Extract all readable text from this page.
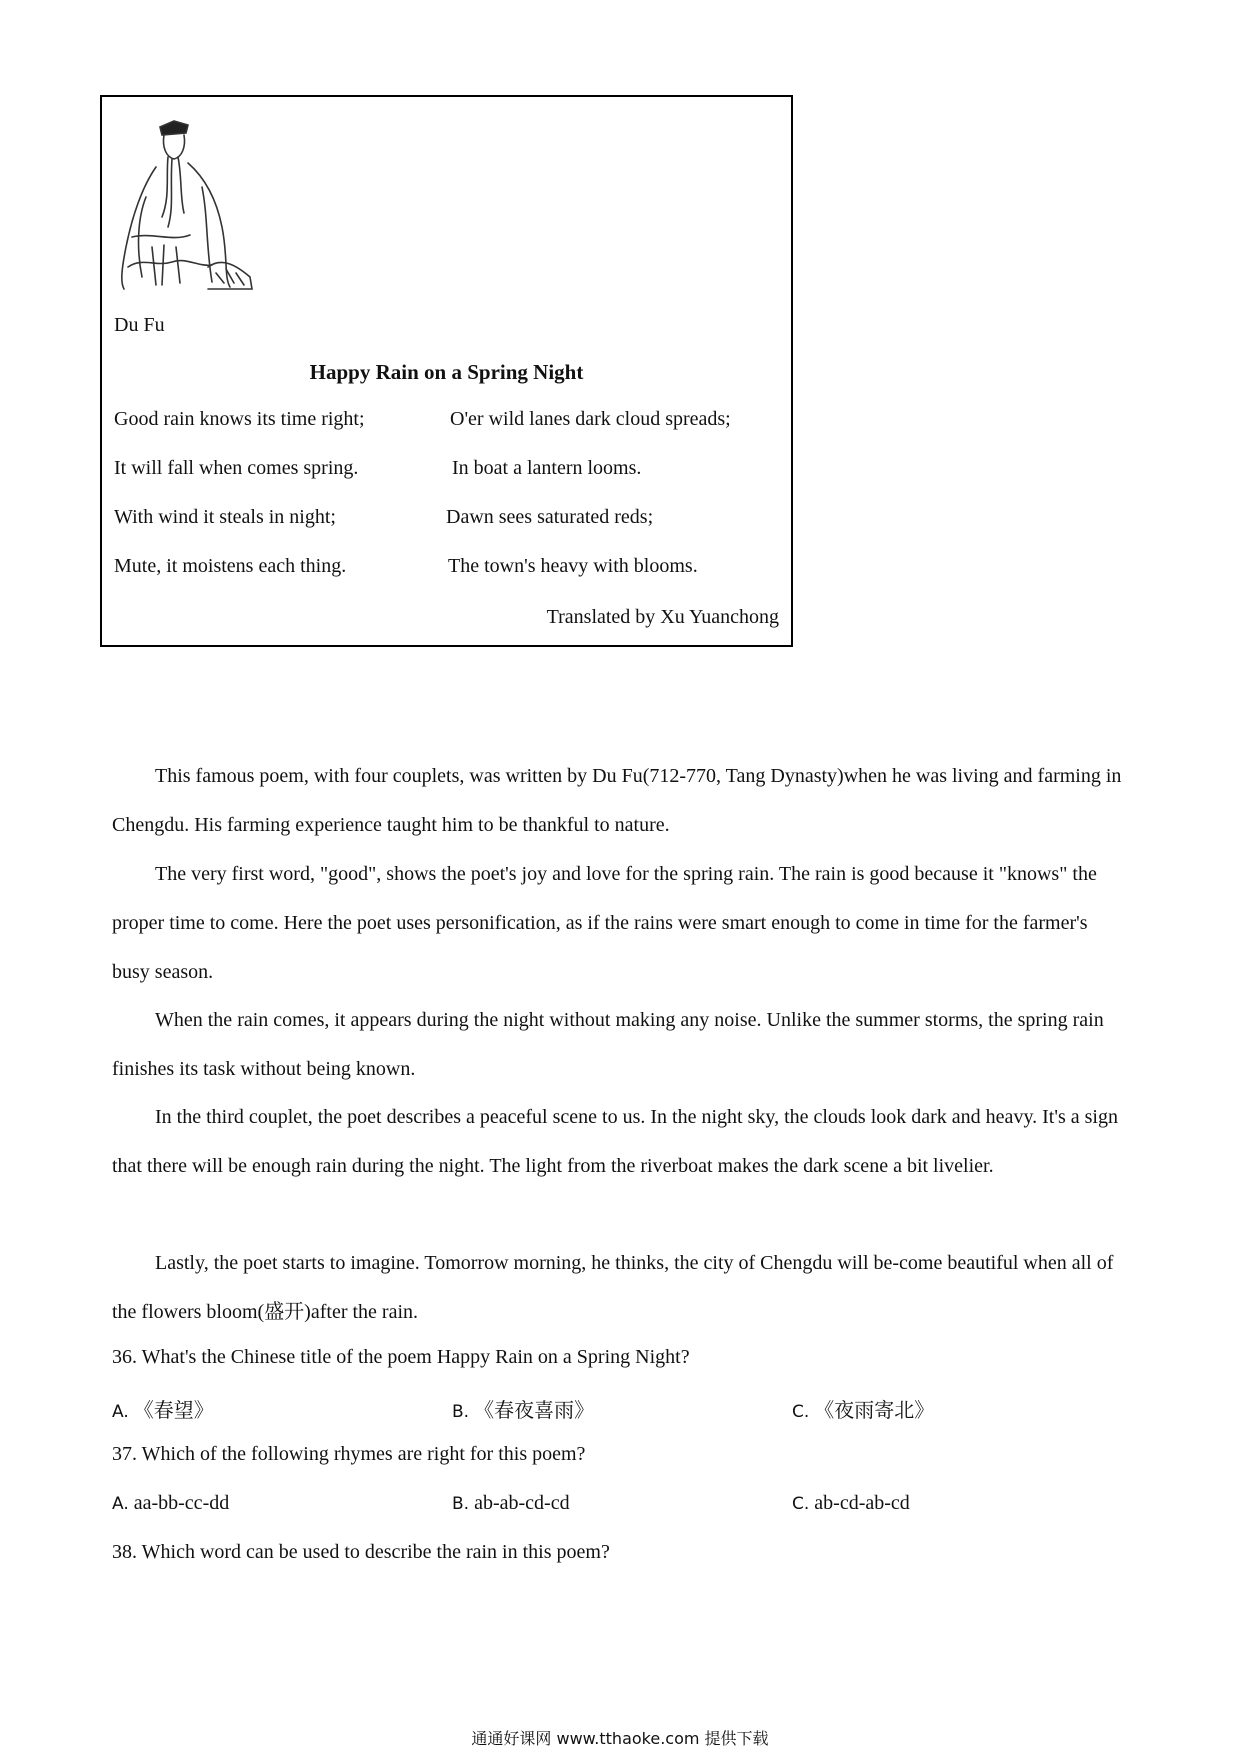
Du Fu
Happy Rain on a Spring Night
Good rain knows its time right;
It will fall when comes spring.
With wind it steals in night;
Mute, it moistens each thing.
O'er wild lanes dark cloud spreads;
In boat a lantern looms.
Dawn sees saturated reds;
The town's heavy with blooms.
Translated by Xu Yuanchong

This famous poem, with four couplets, was written by Du Fu(712-770, Tang Dynasty)when he was living and farming in Chengdu. His farming experience taught him to be thankful to nature.

The very first word, "good", shows the poet's joy and love for the spring rain. The rain is good because it "knows" the proper time to come. Here the poet uses personification, as if the rains were smart enough to come in time for the farmer's busy season.

When the rain comes, it appears during the night without making any noise. Unlike the summer storms, the spring rain finishes its task without being known.

In the third couplet, the poet describes a peaceful scene to us. In the night sky, the clouds look dark and heavy. It's a sign that there will be enough rain during the night. The light from the riverboat makes the dark scene a bit livelier.

Lastly, the poet starts to imagine. Tomorrow morning, he thinks, the city of Chengdu will be-come beautiful when all of the flowers bloom(盛开)after the rain.

36. What's the Chinese title of the poem Happy Rain on a Spring Night?
A. 《春望》	B. 《春夜喜雨》	C. 《夜雨寄北》
37. Which of the following rhymes are right for this poem?
A. aa-bb-cc-dd	B. ab-ab-cd-cd	C. ab-cd-ab-cd
38. Which word can be used to describe the rain in this poem?
通通好课网 www.tthaoke.com 提供下载
